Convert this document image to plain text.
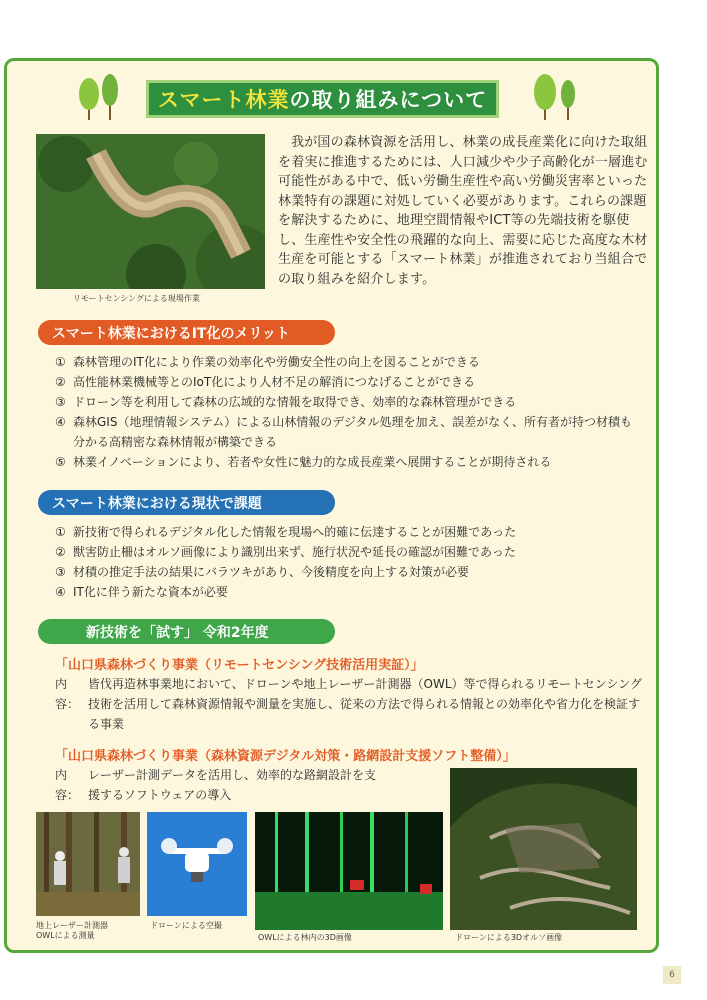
スマート林業 の取り組みについて
リモートセンシングによる現場作業
我が国の森林資源を活用し、林業の成長産業化に向けた取組を着実に推進するためには、人口減少や少子高齢化が一層進む可能性がある中で、低い労働生産性や高い労働災害率といった林業特有の課題に対処していく必要があります。これらの課題を解決するために、地理空間情報やICT等の先端技術を駆使し、生産性や安全性の飛躍的な向上、需要に応じた高度な木材生産を可能とする「スマート林業」が推進されており当組合での取り組みを紹介します。
スマート林業におけるIT化のメリット
① 森林管理のIT化により作業の効率化や労働安全性の向上を図ることができる
② 高性能林業機械等とのIoT化により人材不足の解消につなげることができる
③ ドローン等を利用して森林の広域的な情報を取得でき、効率的な森林管理ができる
④ 森林GIS（地理情報システム）による山林情報のデジタル処理を加え、誤差がなく、所有者が持つ材積も分かる高精密な森林情報が構築できる
⑤ 林業イノベーションにより、若者や女性に魅力的な成長産業へ展開することが期待される
スマート林業における現状で課題
① 新技術で得られるデジタル化した情報を現場へ的確に伝達することが困難であった
② 獣害防止柵はオルソ画像により識別出来ず、施行状況や延長の確認が困難であった
③ 材積の推定手法の結果にバラツキがあり、今後精度を向上する対策が必要
④ IT化に伴う新たな資本が必要
新技術を「試す」 令和2年度
「山口県森林づくり事業（リモートセンシング技術活用実証）」
内容：
皆伐再造林事業地において、ドローンや地上レーザー計測器（OWL）等で得られるリモートセンシング技術を活用して森林資源情報や測量を実施し、従来の方法で得られる情報との効率化や省力化を検証する事業
「山口県森林づくり事業（森林資源デジタル対策・路網設計支援ソフト整備）」
内容：
レーザー計測データを活用し、効率的な路網設計を支援するソフトウェアの導入
地上レーザー計測器
OWLによる測量
ドローンによる空撮
OWLによる林内の3D画像	ドローンによる3Dオルソ画像
6
